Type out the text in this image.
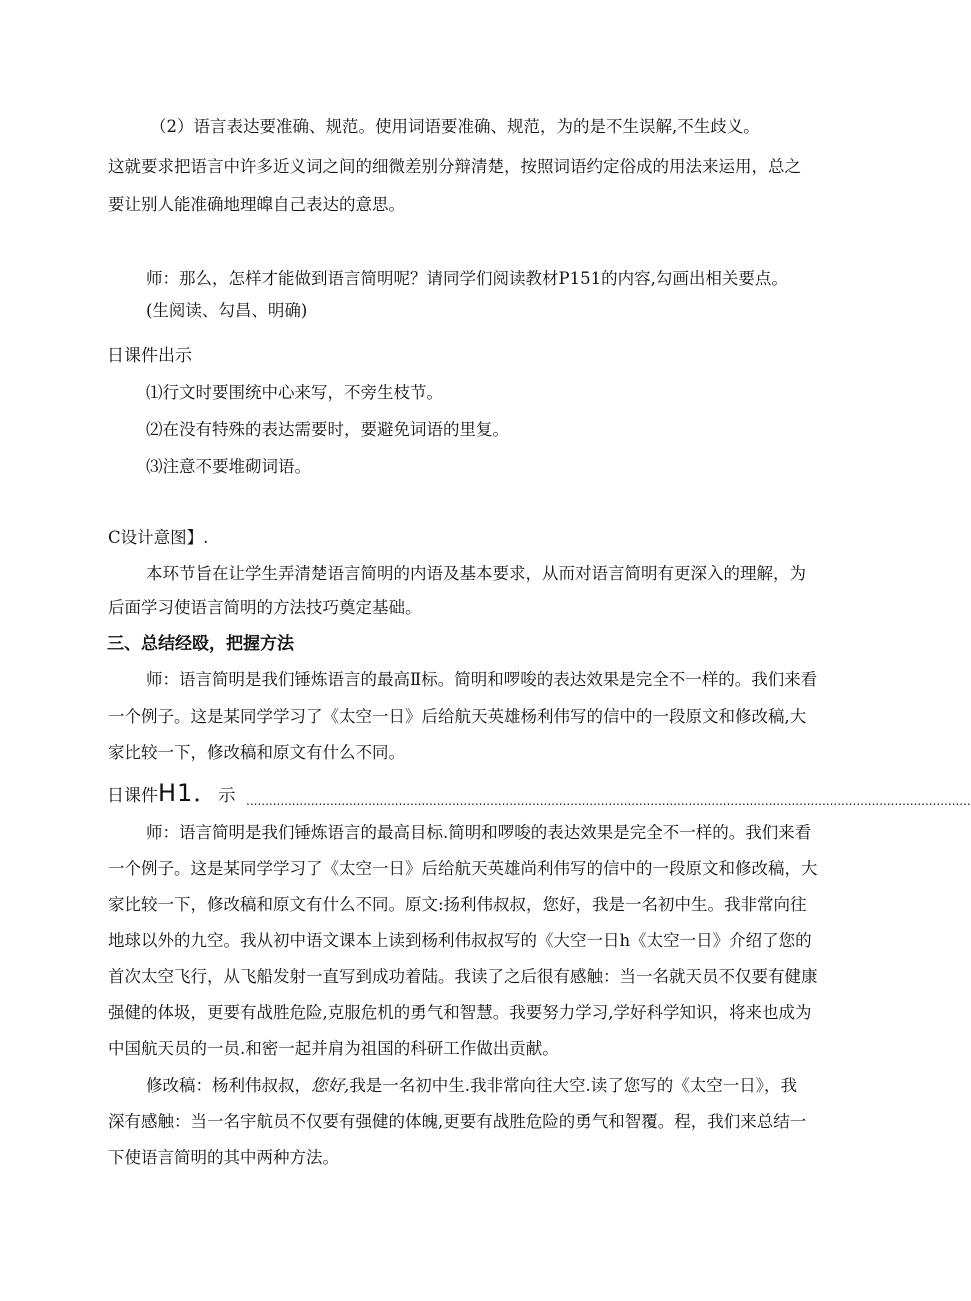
（2）语言表达要准确、规范。使用词语要准确、规范，为的是不生误解,不生歧义。
这就要求把语言中许多近义词之间的细微差别分辩清楚，按照词语约定俗成的用法来运用，总之
要让别人能准确地理皥自己表达的意思。
师：那么，怎样才能做到语言简明呢？请同学们阅读教材P151的内容,勾画出相关要点。
(生阅读、勾昌、明确)
日课件出示
⑴行文时要围统中心来写，不旁生枝节。
⑵在没有特殊的表达需要时，要避免词语的里复。
⑶注意不要堆砌词语。
C设计意图】.
本环节旨在让学生弄清楚语言简明的内语及基本要求，从而对语言简明有更深入的理解，为
后面学习使语言简明的方法技巧奠定基础。
三、总结经殴，把握方法
师：语言简明是我们锤炼语言的最高Ⅱ标。简明和啰唆的表达效果是完全不一样的。我们来看
一个例子。这是某同学学习了《太空一日》后给航天英雄杨利伟写的信中的一段原文和修改稿,大
家比较一下，修改稿和原文有什么不同。
日课件H1．示 ..............................................................................................................................................................................................
师：语言简明是我们锤炼语言的最高目标.简明和啰唆的表达效果是完全不一样的。我们来看
一个例子。这是某同学学习了《太空一日》后给航天英雄尚利伟写的信中的一段原文和修改稿，大
家比较一下，修改稿和原文有什么不同。原文:扬利伟叔叔，您好，我是一名初中生。我非常向往
地球以外的九空。我从初中语文课本上读到杨利伟叔叔写的《大空一日h《太空一日》介绍了您的
首次太空飞行，从飞船发射一直写到成功着陆。我读了之后很有感触：当一名就天员不仅要有健康
强健的体圾，更要有战胜危险,克服危机的勇气和智慧。我要努力学习,学好科学知识，将来也成为
中国航天员的一员.和密一起并肩为祖国的科研工作做出贡献。
修改稿：杨利伟叔叔，您好,我是一名初中生.我非常向往大空.读了您写的《太空一日》，我
深有感触：当一名宇航员不仅要有强健的体魄,更要有战胜危险的勇气和智覆。程，我们来总结一
下使语言简明的其中两种方法。
